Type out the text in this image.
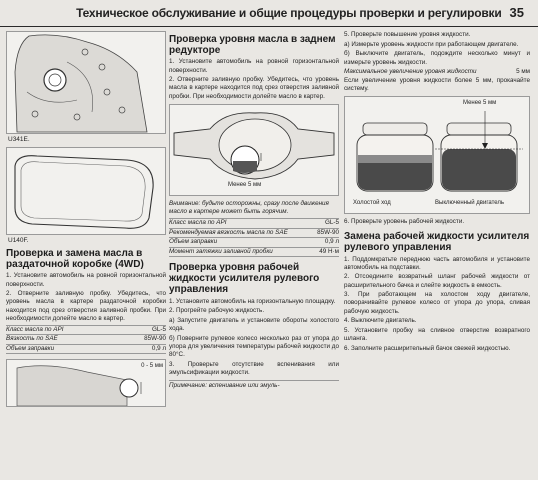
Техническое обслуживание и общие процедуры проверки и регулировки 35
U341E.
U140F.
Проверка и замена масла в раздаточной коробке (4WD)

1. Установите автомобиль на ровной горизонтальной поверхности.

2. Отверните заливную пробку. Убедитесь, что уровень масла в картере раздаточной коробки находится под срез отверстия заливной пробки. При необходимости долейте масло в картер.

Класс масла по API	GL-5
Вязкость по SAE	85W-90
Объем заправки	0,9 л
0 - 5 мм
Проверка уровня масла в заднем редукторе

1. Установите автомобиль на ровной горизонтальной поверхности.

2. Отверните заливную пробку. Убедитесь, что уровень масла в картере находится под срез отверстия заливной пробки. При необходимости долейте масло в картер.

Менее 5 мм
Внимание: будьте осторожны, сразу после движения масло в картере может быть горячим.
Класс масла по API	GL-5
Рекомендуемая вязкость масла по SAE	85W-90
Объем заправки	0,9 л
Момент затяжки заливной пробки	49 Н·м
Проверка уровня рабочей жидкости усилителя рулевого управления

1. Установите автомобиль на горизонтальную площадку.

2. Прогрейте рабочую жидкость.

а) Запустите двигатель и установите обороты холостого хода.

б) Поверните рулевое колесо несколько раз от упора до упора для увеличения температуры рабочей жидкости до 80°С.

3. Проверьте отсутствие вспенивания или эмульсификации жидкости.

Примечание: вспенивание или эмуль-

5. Проверьте повышение уровня жидкости.

а) Измерьте уровень жидкости при работающем двигателе.

б) Выключите двигатель, подождите несколько минут и измерьте уровень жидкости.

Максимальное увеличение уровня жидкости	5 мм

Если увеличение уровня жидкости более 5 мм, прокачайте систему.

Менее 5 мм
Холостой ход	Выключенный двигатель

6. Проверьте уровень рабочей жидкости.

Замена рабочей жидкости усилителя рулевого управления

1. Поддомкратьте переднюю часть автомобиля и установите автомобиль на подставки.

2. Отсоедините возвратный шланг рабочей жидкости от расширительного бачка и слейте жидкость в емкость.

3. При работающем на холостом ходу двигателе, поворачивайте рулевое колесо от упора до упора, сливая рабочую жидкость.

4. Выключите двигатель.

5. Установите пробку на сливное отверстие возвратного шланга.

6. Заполните расширительный бачок свежей жидкостью.
